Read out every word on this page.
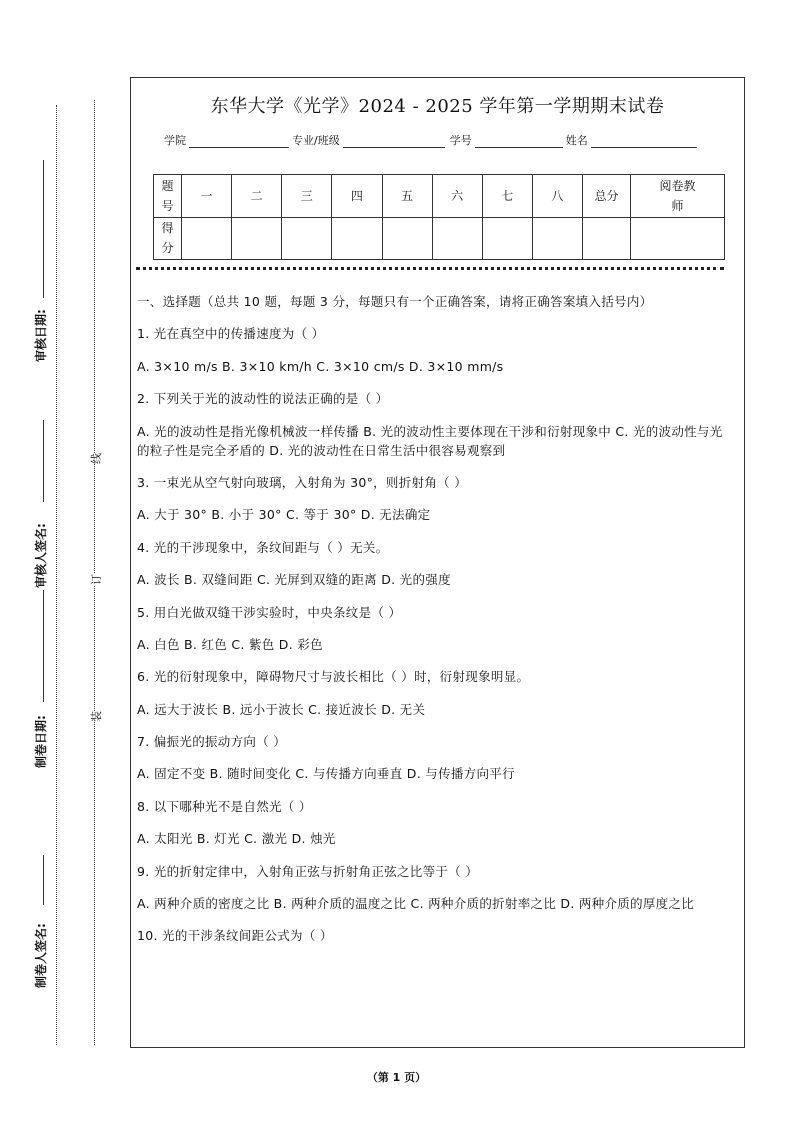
审核日期:
审核人签名:
制卷日期:
制卷人签名:
线
订
装
东华大学《光学》2024 - 2025 学年第一学期期末试卷
学院	专业/班级	学号	姓名
题号	一	二	三	四	五	六	七	八	总分	阅卷教师
得分										

一、选择题（总共 10 题，每题 3 分，每题只有一个正确答案，请将正确答案填入括号内）

1. 光在真空中的传播速度为（ ）

A. 3×10 m/s B. 3×10 km/h C. 3×10 cm/s D. 3×10 mm/s

2. 下列关于光的波动性的说法正确的是（ ）

A. 光的波动性是指光像机械波一样传播 B. 光的波动性主要体现在干涉和衍射现象中 C. 光的波动性与光的粒子性是完全矛盾的 D. 光的波动性在日常生活中很容易观察到

3. 一束光从空气射向玻璃，入射角为 30°，则折射角（ ）

A. 大于 30° B. 小于 30° C. 等于 30° D. 无法确定

4. 光的干涉现象中，条纹间距与（ ）无关。

A. 波长 B. 双缝间距 C. 光屏到双缝的距离 D. 光的强度

5. 用白光做双缝干涉实验时，中央条纹是（ ）

A. 白色 B. 红色 C. 紫色 D. 彩色

6. 光的衍射现象中，障碍物尺寸与波长相比（ ）时，衍射现象明显。

A. 远大于波长 B. 远小于波长 C. 接近波长 D. 无关

7. 偏振光的振动方向（ ）

A. 固定不变 B. 随时间变化 C. 与传播方向垂直 D. 与传播方向平行

8. 以下哪种光不是自然光（ ）

A. 太阳光 B. 灯光 C. 激光 D. 烛光

9. 光的折射定律中，入射角正弦与折射角正弦之比等于（ ）

A. 两种介质的密度之比 B. 两种介质的温度之比 C. 两种介质的折射率之比 D. 两种介质的厚度之比

10. 光的干涉条纹间距公式为（ ）

（第 1 页）
